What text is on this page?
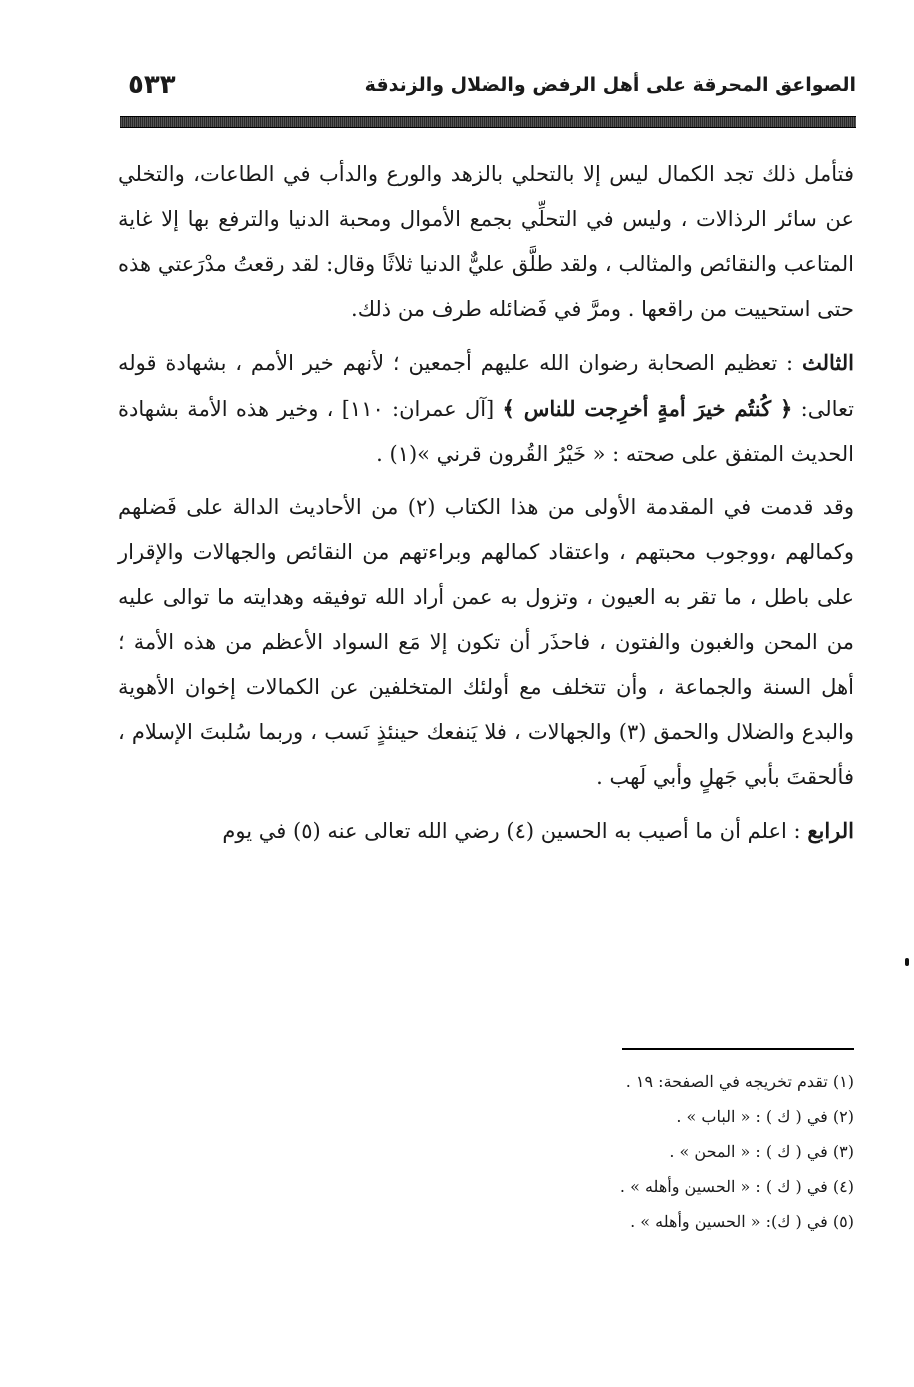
الصواعق المحرقة على أهل الرفض والضلال والزندقة
٥٣٣

فتأمل ذلك تجد الكمال ليس إلا بالتحلي بالزهد والورع والدأب في الطاعات، والتخلي عن سائر الرذالات ، وليس في التحلِّي بجمع الأموال ومحبة الدنيا والترفع بها إلا غاية المتاعب والنقائص والمثالب ، ولقد طلَّق عليٌّ الدنيا ثلاثًا وقال: لقد رقعتُ مدْرَعتي هذه حتى استحييت من راقعها . ومرَّ في فَضائله طرف من ذلك.

الثالث : تعظيم الصحابة رضوان الله عليهم أجمعين ؛ لأنهم خير الأمم ، بشهادة قوله تعالى: ﴿ كُنتُم خيرَ أمةٍ أخرِجت للناس ﴾ [آل عمران: ١١٠] ، وخير هذه الأمة بشهادة الحديث المتفق على صحته : « خَيْرُ القُرون قرني »(١) .

وقد قدمت في المقدمة الأولى من هذا الكتاب (٢) من الأحاديث الدالة على فَضلهم وكمالهم ،ووجوب محبتهم ، واعتقاد كمالهم وبراءتهم من النقائص والجهالات والإقرار على باطل ، ما تقر به العيون ، وتزول به عمن أراد الله توفيقه وهدايته ما توالى عليه من المحن والغبون والفتون ، فاحذَر أن تكون إلا مَع السواد الأعظم من هذه الأمة ؛ أهل السنة والجماعة ، وأن تتخلف مع أولئك المتخلفين عن الكمالات إخوان الأهوية والبدع والضلال والحمق (٣) والجهالات ، فلا يَنفعك حينئذٍ نَسب ، وربما سُلبتَ الإسلام ، فألحقتَ بأبي جَهلٍ وأبي لَهب .

الرابع : اعلم أن ما أصيب به الحسين (٤) رضي الله تعالى عنه (٥) في يوم

(١) تقدم تخريجه في الصفحة: ١٩ .

(٢) في ( ك ) : « الباب » .

(٣) في ( ك ) : « المحن » .

(٤) في ( ك ) : « الحسين وأهله » .

(٥) في ( ك): « الحسين وأهله » .
